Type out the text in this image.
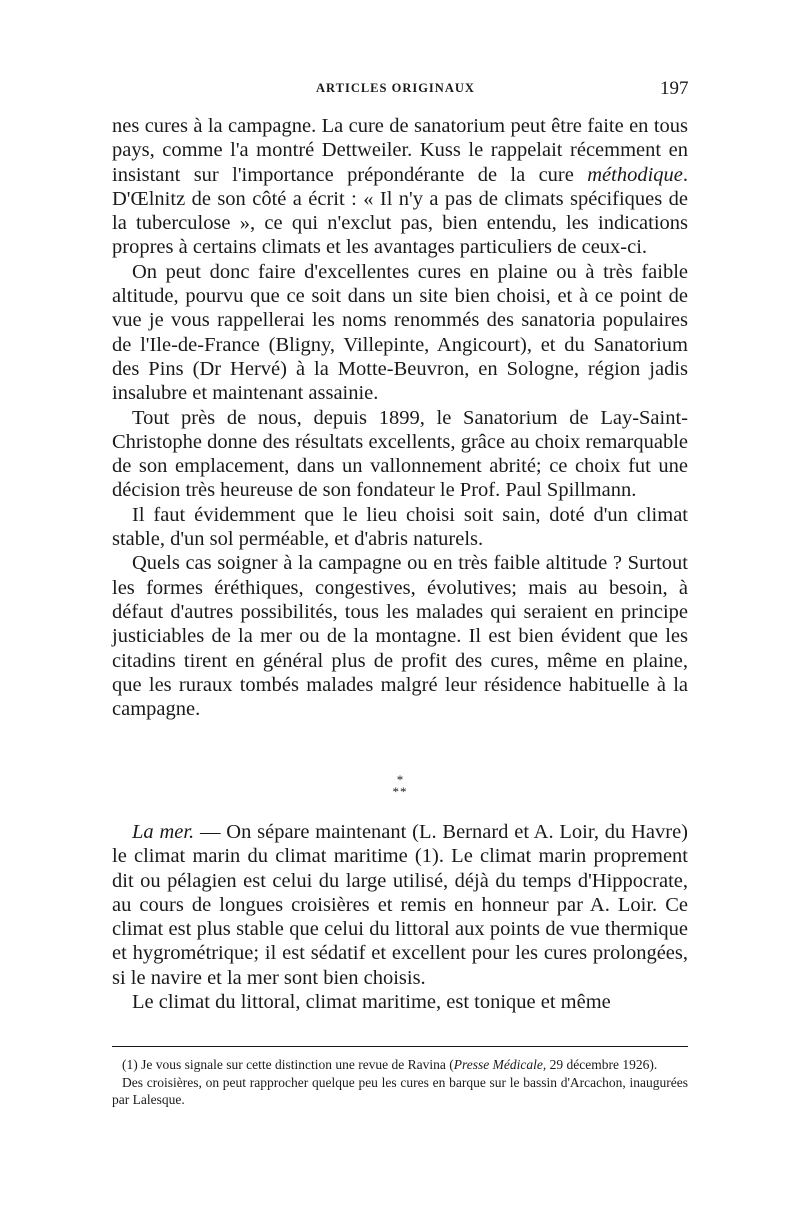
ARTICLES ORIGINAUX	197

nes cures à la campagne. La cure de sanatorium peut être faite en tous pays, comme l'a montré Dettweiler. Kuss le rappelait récemment en insistant sur l'importance prépondérante de la cure méthodique. D'Œlnitz de son côté a écrit : « Il n'y a pas de climats spécifiques de la tuberculose », ce qui n'exclut pas, bien entendu, les indications propres à certains climats et les avantages particuliers de ceux-ci.

On peut donc faire d'excellentes cures en plaine ou à très faible altitude, pourvu que ce soit dans un site bien choisi, et à ce point de vue je vous rappellerai les noms renommés des sanatoria populaires de l'Ile-de-France (Bligny, Villepinte, Angicourt), et du Sanatorium des Pins (Dr Hervé) à la Motte-Beuvron, en Sologne, région jadis insalubre et maintenant assainie.

Tout près de nous, depuis 1899, le Sanatorium de Lay-Saint-Christophe donne des résultats excellents, grâce au choix remarquable de son emplacement, dans un vallonnement abrité; ce choix fut une décision très heureuse de son fondateur le Prof. Paul Spillmann.

Il faut évidemment que le lieu choisi soit sain, doté d'un climat stable, d'un sol perméable, et d'abris naturels.

Quels cas soigner à la campagne ou en très faible altitude ? Surtout les formes éréthiques, congestives, évolutives; mais au besoin, à défaut d'autres possibilités, tous les malades qui seraient en principe justiciables de la mer ou de la montagne. Il est bien évident que les citadins tirent en général plus de profit des cures, même en plaine, que les ruraux tombés malades malgré leur résidence habituelle à la campagne.

*
**

La mer. — On sépare maintenant (L. Bernard et A. Loir, du Havre) le climat marin du climat maritime (1). Le climat marin proprement dit ou pélagien est celui du large utilisé, déjà du temps d'Hippocrate, au cours de longues croisières et remis en honneur par A. Loir. Ce climat est plus stable que celui du littoral aux points de vue thermique et hygrométrique; il est sédatif et excellent pour les cures prolongées, si le navire et la mer sont bien choisis.

Le climat du littoral, climat maritime, est tonique et même

(1) Je vous signale sur cette distinction une revue de Ravina (Presse Médicale, 29 décembre 1926).

Des croisières, on peut rapprocher quelque peu les cures en barque sur le bassin d'Arcachon, inaugurées par Lalesque.
